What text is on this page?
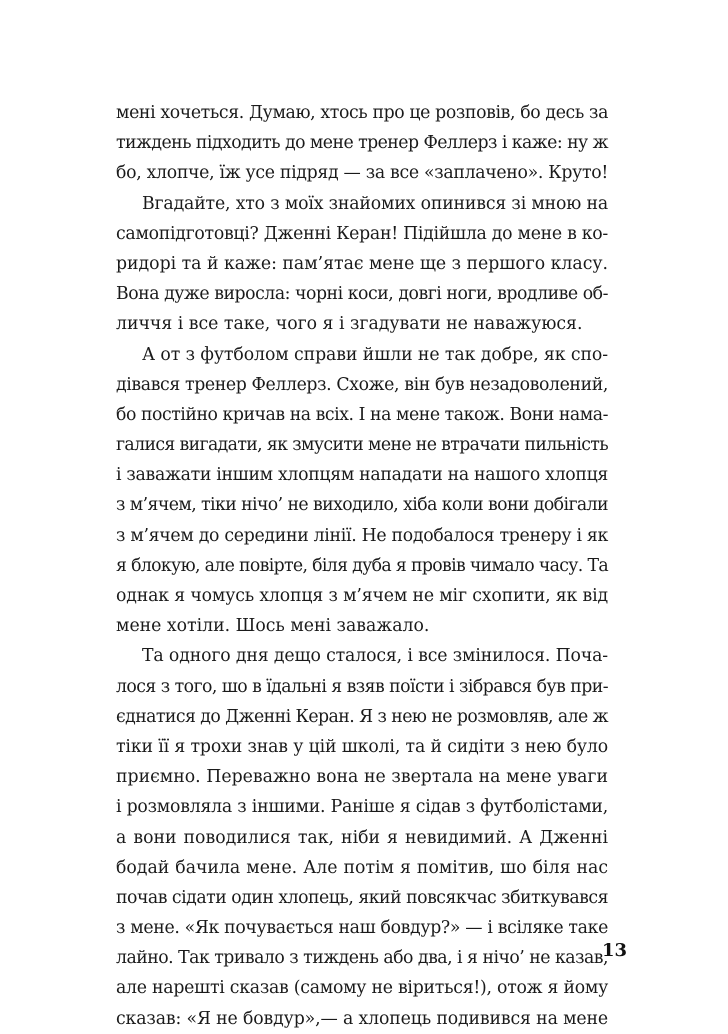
мені хочеться. Думаю, хтось про це розповів, бо десь за
тиждень підходить до мене тренер Феллерз і каже: ну ж
бо, хлопче, їж усе підряд — за все «заплачено». Круто!
Вгадайте, хто з моїх знайомих опинився зі мною на
самопідготовці? Дженні Керан! Підійшла до мене в ко-
ридорі та й каже: пам’ятає мене ще з першого класу.
Вона дуже виросла: чорні коси, довгі ноги, вродливе об-
личчя і все таке, чого я і згадувати не наважуюся.
А от з футболом справи йшли не так добре, як спо-
дівався тренер Феллерз. Схоже, він був незадоволений,
бо постійно кричав на всіх. І на мене також. Вони нама-
галися вигадати, як змусити мене не втрачати пильність
і заважати іншим хлопцям нападати на нашого хлопця
з м’ячем, тіки нічо’ не виходило, хіба коли вони добігали
з м’ячем до середини лінії. Не подобалося тренеру і як
я блокую, але повірте, біля дуба я провів чимало часу. Та
однак я чомусь хлопця з м’ячем не міг схопити, як від
мене хотіли. Шось мені заважало.
Та одного дня дещо сталося, і все змінилося. Поча-
лося з того, шо в їдальні я взяв поїсти і зібрався був при-
єднатися до Дженні Керан. Я з нею не розмовляв, але ж
тіки її я трохи знав у цій школі, та й сидіти з нею було
приємно. Переважно вона не звертала на мене уваги
і розмовляла з іншими. Раніше я сідав з футболістами,
а вони поводилися так, ніби я невидимий. А Дженні
бодай бачила мене. Але потім я помітив, шо біля нас
почав сідати один хлопець, який повсякчас збиткувався
з мене. «Як почувається наш бовдур?» — і всіляке таке
лайно. Так тривало з тиждень або два, і я нічо’ не казав,
але нарешті сказав (самому не віриться!), отож я йому
сказав: «Я не бовдур»,— а хлопець подивився на мене
13
